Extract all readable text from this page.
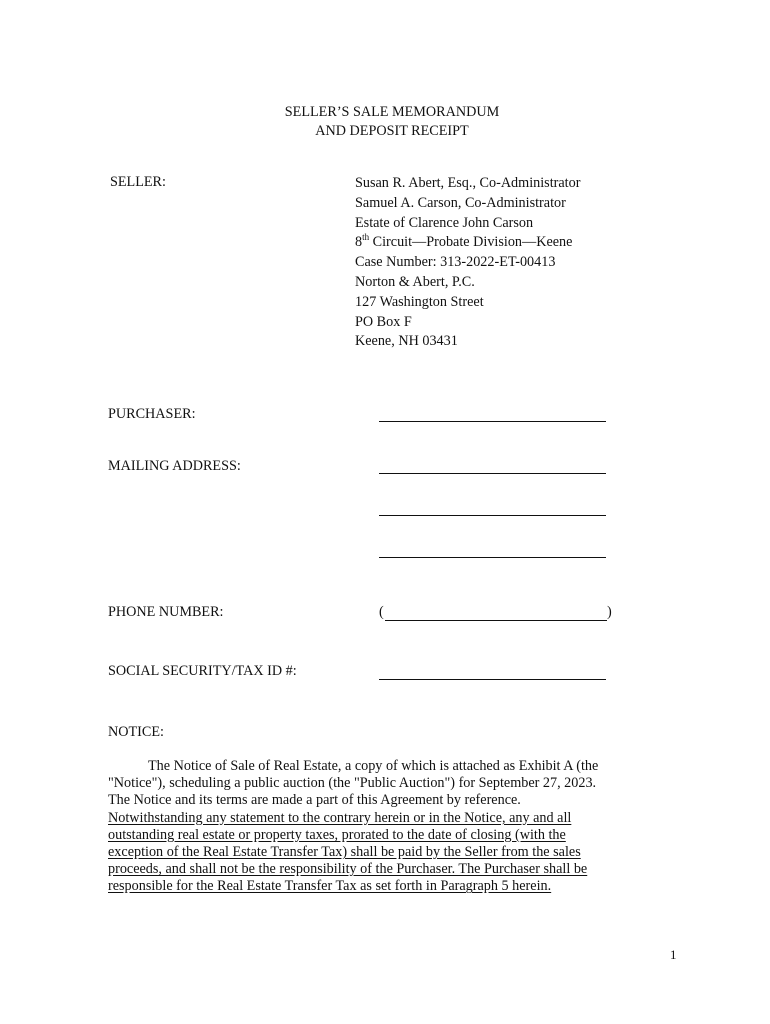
SELLER’S SALE MEMORANDUM
AND DEPOSIT RECEIPT
SELLER:	Susan R. Abert, Esq., Co-Administrator
Samuel A. Carson, Co-Administrator
Estate of Clarence John Carson
8th Circuit—Probate Division—Keene
Case Number: 313-2022-ET-00413
Norton & Abert, P.C.
127 Washington Street
PO Box F
Keene, NH 03431
PURCHASER:
MAILING ADDRESS:
PHONE NUMBER:	(	)
SOCIAL SECURITY/TAX ID #:
NOTICE:
The Notice of Sale of Real Estate, a copy of which is attached as Exhibit A (the
"Notice"), scheduling a public auction (the "Public Auction") for September 27, 2023.
The Notice and its terms are made a part of this Agreement by reference.
Notwithstanding any statement to the contrary herein or in the Notice, any and all
outstanding real estate or property taxes, prorated to the date of closing (with the
exception of the Real Estate Transfer Tax) shall be paid by the Seller from the sales
proceeds, and shall not be the responsibility of the Purchaser. The Purchaser shall be
responsible for the Real Estate Transfer Tax as set forth in Paragraph 5 herein.
1
